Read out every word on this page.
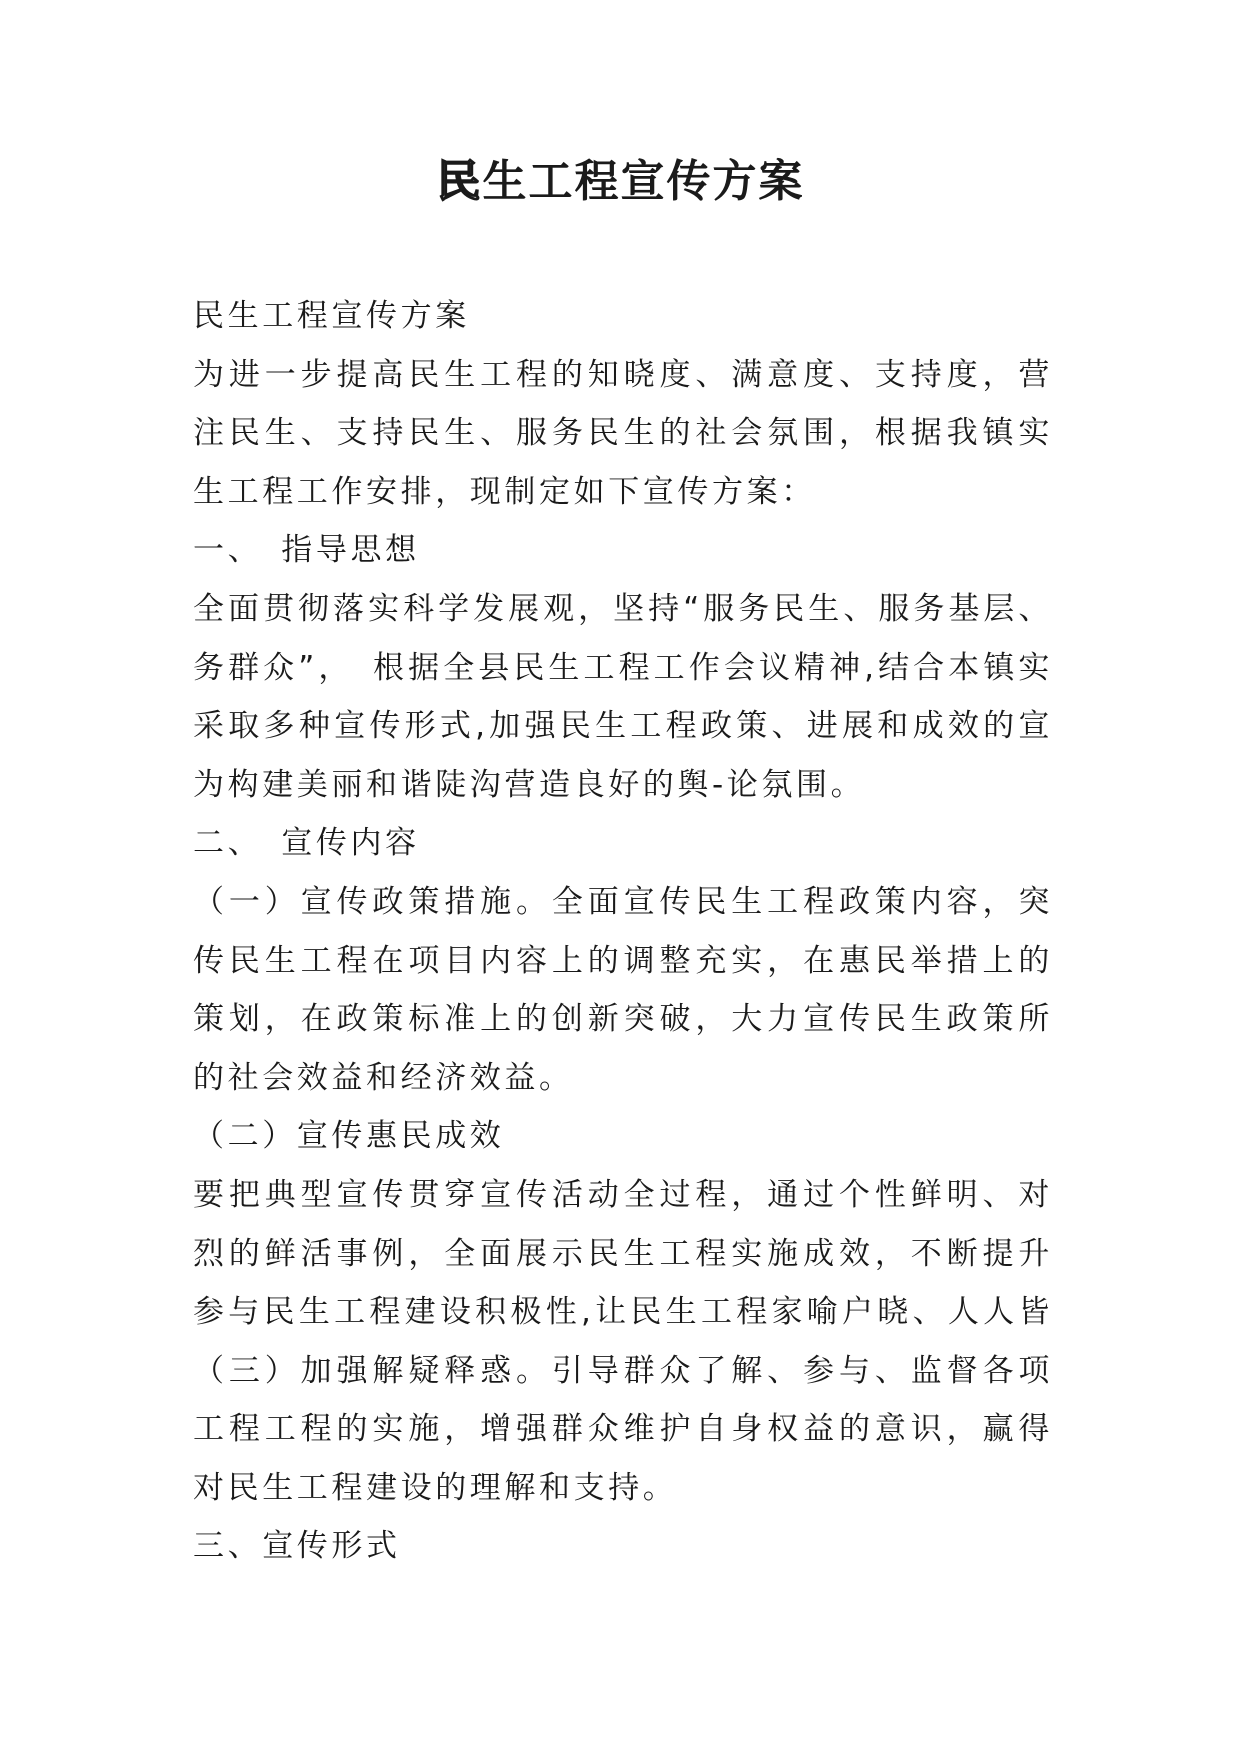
民生工程宣传方案
民生工程宣传方案
为进一步提高民生工程的知晓度、满意度、支持度，营
注民生、支持民生、服务民生的社会氛围，根据我镇实
生工程工作安排，现制定如下宣传方案：
一、　指导思想
全面贯彻落实科学发展观，坚持“服务民生、服务基层、
务群众”，　根据全县民生工程工作会议精神,结合本镇实
采取多种宣传形式,加强民生工程政策、进展和成效的宣
为构建美丽和谐陡沟营造良好的舆-论氛围。
二、　宣传内容
（一）宣传政策措施。全面宣传民生工程政策内容，突
传民生工程在项目内容上的调整充实，在惠民举措上的
策划，在政策标准上的创新突破，大力宣传民生政策所
的社会效益和经济效益。
（二）宣传惠民成效
要把典型宣传贯穿宣传活动全过程，通过个性鲜明、对
烈的鲜活事例，全面展示民生工程实施成效，不断提升
参与民生工程建设积极性,让民生工程家喻户晓、人人皆
（三）加强解疑释惑。引导群众了解、参与、监督各项
工程工程的实施，增强群众维护自身权益的意识，赢得
对民生工程建设的理解和支持。
三、宣传形式
